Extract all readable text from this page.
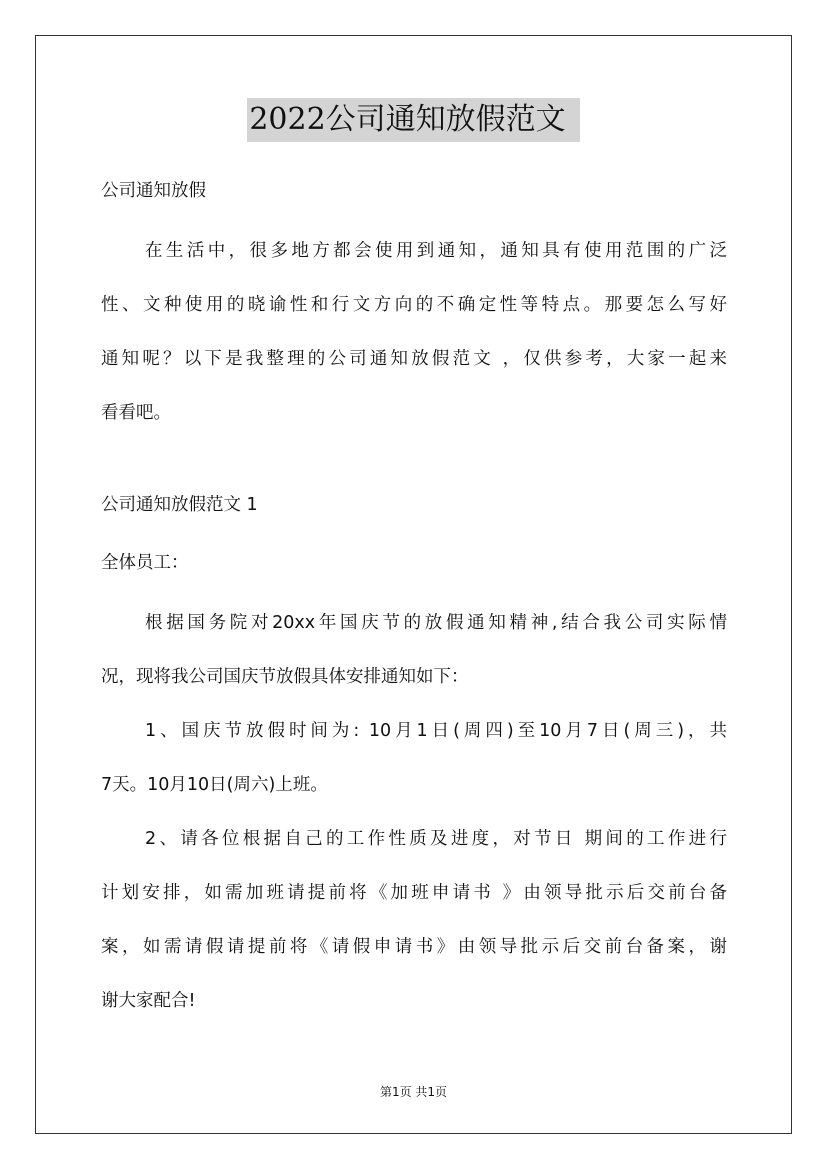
2022公司通知放假范文
公司通知放假
在生活中，很多地方都会使用到通知，通知具有使用范围的广泛
性、文种使用的晓谕性和行文方向的不确定性等特点。那要怎么写好
通知呢？以下是我整理的公司通知放假范文 ，仅供参考，大家一起来
看看吧。
公司通知放假范文 1
全体员工：
根据国务院对20xx年国庆节的放假通知精神,结合我公司实际情
况，现将我公司国庆节放假具体安排通知如下：
1、国庆节放假时间为: 10月1日(周四)至10月7日(周三)，共
7天。10月10日(周六)上班。
2、请各位根据自己的工作性质及进度，对节日 期间的工作进行
计划安排，如需加班请提前将《加班申请书 》由领导批示后交前台备
案，如需请假请提前将《请假申请书》由领导批示后交前台备案，谢
谢大家配合!
第1页 共1页
